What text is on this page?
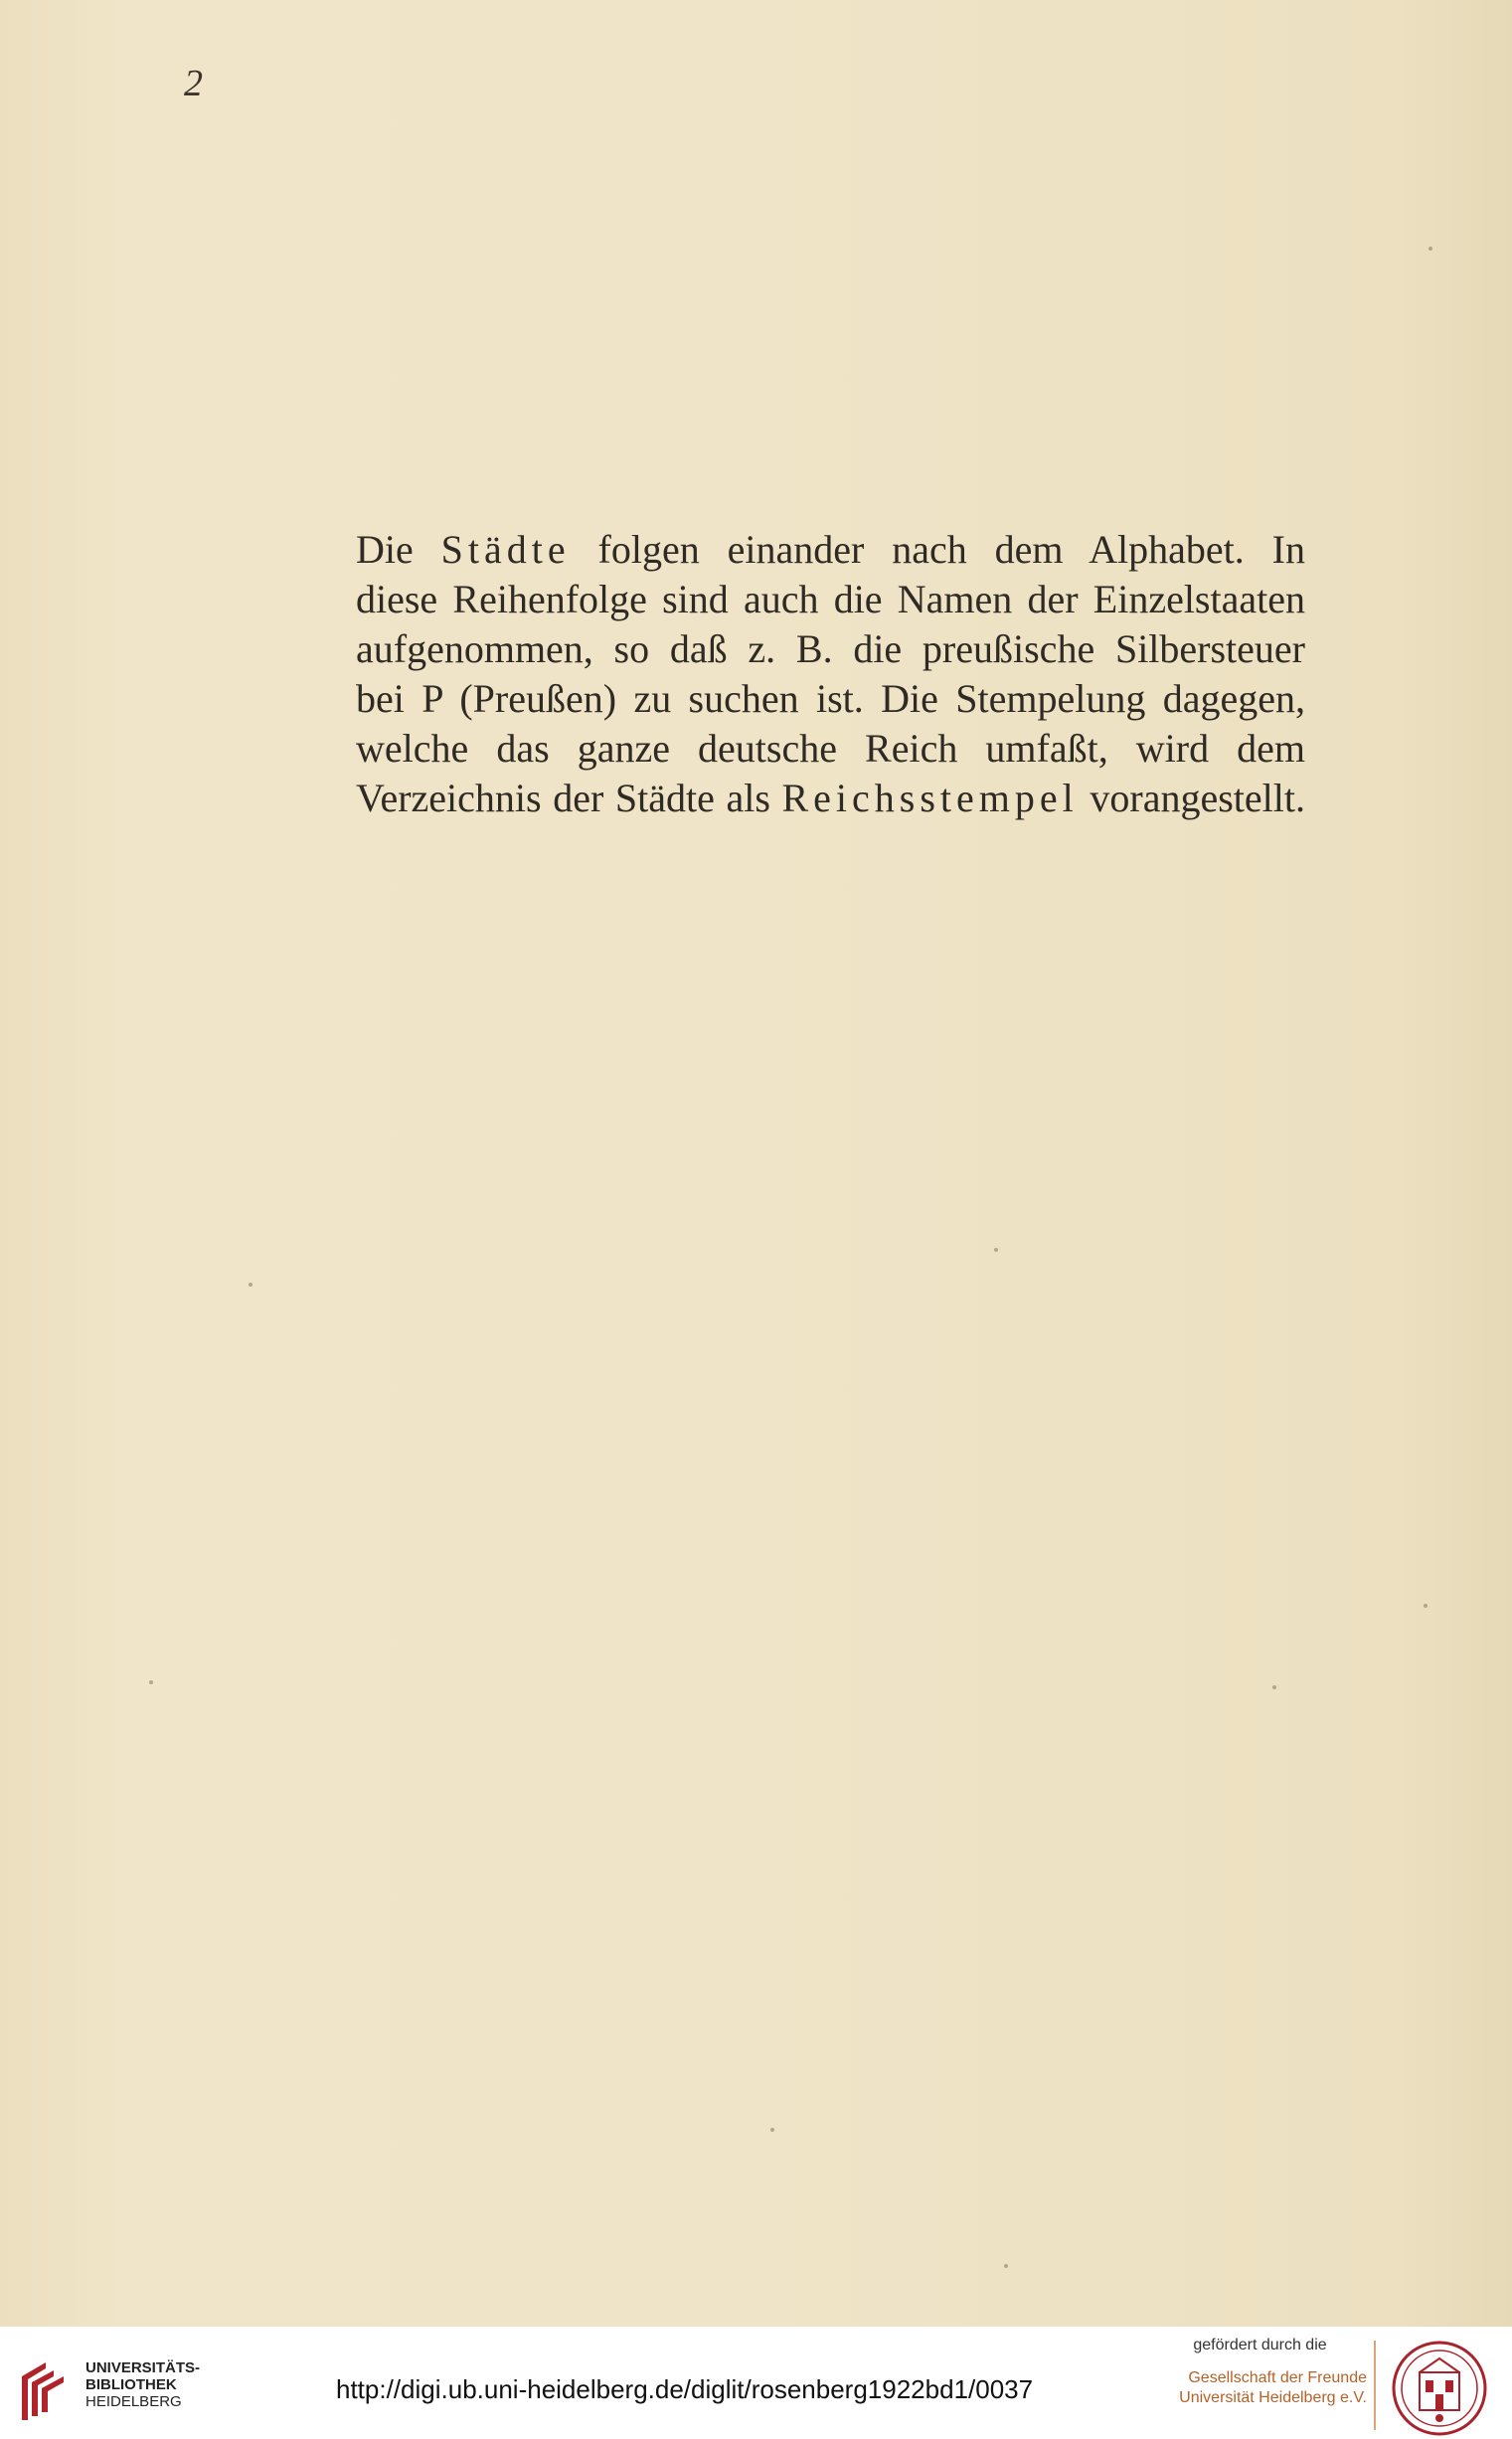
2
Die Städte folgen einander nach dem Alphabet. In
diese Reihenfolge sind auch die Namen der Einzelstaaten
aufgenommen, so daß z. B. die preußische Silbersteuer
bei P (Preußen) zu suchen ist. Die Stempelung dagegen,
welche das ganze deutsche Reich umfaßt, wird dem
Verzeichnis der Städte als Reichsstempel vorangestellt.
UNIVERSITÄTS-
BIBLIOTHEK
HEIDELBERG	http://digi.ub.uni-heidelberg.de/diglit/rosenberg1922bd1/0037
gefördert durch die
Gesellschaft der Freunde
Universität Heidelberg e.V.
